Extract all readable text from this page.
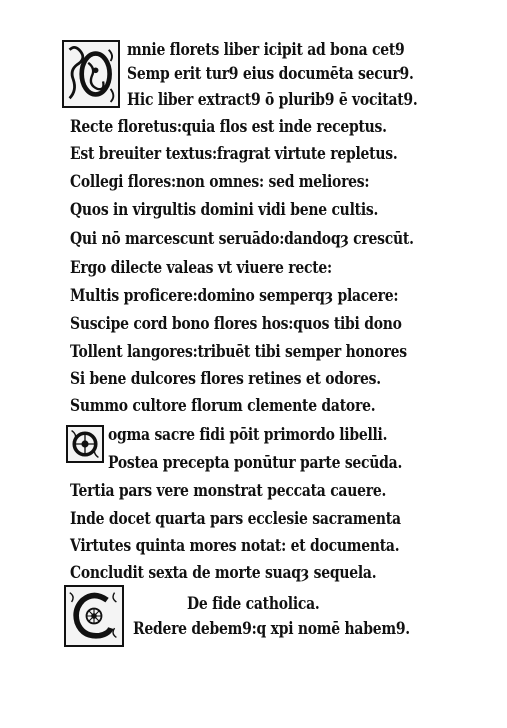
mnie florets liber icipit ad bona cet9
Semp erit tur9 eius documēta secur9.
Hic liber extract9 ō plurib9 ē vocitat9.
Recte floretus:quia flos est inde receptus.
Est breuiter textus:fragrat virtute repletus.
Collegi flores:non omnes: sed meliores:
Quos in virgultis domini vidi bene cultis.
Qui nō marcescunt seruādo:dandoqȝ crescūt.
Ergo dilecte valeas vt viuere recte:
Multis proficere:domino semperqȝ placere:
Suscipe cord bono flores hos:quos tibi dono
Tollent langores:tribuēt tibi semper honores
Si bene dulcores flores retines et odores.
Summo cultore florum clemente datore.
ogma sacre fidi pōit primordo libelli.
Postea precepta ponūtur parte secūda.
Tertia pars vere monstrat peccata cauere.
Inde docet quarta pars ecclesie sacramenta
Virtutes quinta mores notat: et documenta.
Concludit sexta de morte suaqȝ sequela.
De fide catholica.
Redere debem9:q xpi nomē habem9.
